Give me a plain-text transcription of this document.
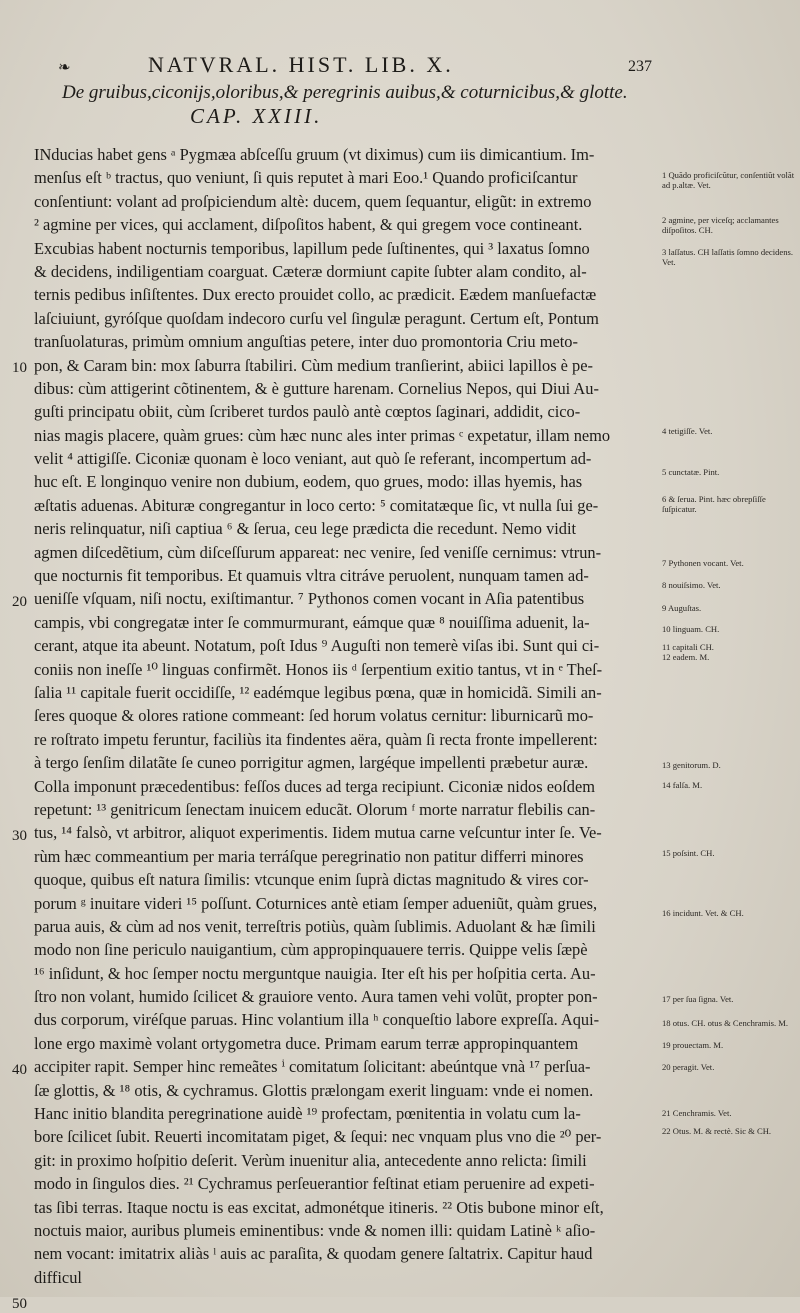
❧	NATVRAL. HIST. LIB. X.	237
De gruibus,ciconijs,oloribus,& peregrinis auibus,& coturnicibus,& glotte.
CAP. XXIII.
INducias habet gens ᵃ Pygmæa abſceſſu gruum (vt diximus) cum iis dimicantium. Im-
menſus eſt ᵇ tractus, quo veniunt, ſi quis reputet à mari Eoo.¹ Quando proficiſcantur
conſentiunt: volant ad proſpiciendum altè: ducem, quem ſequantur, eligũt: in extremo
² agmine per vices, qui acclament, diſpoſitos habent, & qui gregem voce contineant.
Excubias habent nocturnis temporibus, lapillum pede ſuſtinentes, qui ³ laxatus ſomno
& decidens, indiligentiam coarguat. Cæteræ dormiunt capite ſubter alam condito, al-
ternis pedibus inſiſtentes. Dux erecto prouidet collo, ac prædicit. Eædem manſuefactæ
laſciuiunt, gyróſque quoſdam indecoro curſu vel ſingulæ peragunt. Certum eſt, Pontum
tranſuolaturas, primùm omnium anguſtias petere, inter duo promontoria Criu meto-
pon, & Caram bin: mox ſaburra ſtabiliri. Cùm medium tranſierint, abiici lapillos è pe-
dibus: cùm attigerint cõtinentem, & è gutture harenam. Cornelius Nepos, qui Diui Au-
guſti principatu obiit, cùm ſcriberet turdos paulò antè cœptos ſaginari, addidit, cico-
nias magis placere, quàm grues: cùm hæc nunc ales inter primas ᶜ expetatur, illam nemo
velit ⁴ attigiſſe. Ciconiæ quonam è loco veniant, aut quò ſe referant, incompertum ad-
huc eſt. E longinquo venire non dubium, eodem, quo grues, modo: illas hyemis, has
æſtatis aduenas. Abituræ congregantur in loco certo: ⁵ comitatæque ſic, vt nulla ſui ge-
neris relinquatur, niſi captiua ⁶ & ſerua, ceu lege prædicta die recedunt. Nemo vidit
agmen diſcedẽtium, cùm diſceſſurum appareat: nec venire, ſed veniſſe cernimus: vtrun-
que nocturnis fit temporibus. Et quamuis vltra citráve peruolent, nunquam tamen ad-
ueniſſe vſquam, niſi noctu, exiſtimantur. ⁷ Pythonos comen vocant in Aſia patentibus
campis, vbi congregatæ inter ſe commurmurant, eámque quæ ⁸ nouiſſima aduenit, la-
cerant, atque ita abeunt. Notatum, poſt Idus ⁹ Auguſti non temerè viſas ibi. Sunt qui ci-
coniis non ineſſe ¹⁰ linguas confirmẽt. Honos iis ᵈ ſerpentium exitio tantus, vt in ᵉ Theſ-
ſalia ¹¹ capitale fuerit occidiſſe, ¹² eadémque legibus pœna, quæ in homicidã. Simili an-
ſeres quoque & olores ratione commeant: ſed horum volatus cernitur: liburnicarũ mo-
re roſtrato impetu feruntur, faciliùs ita findentes aëra, quàm ſi recta fronte impellerent:
à tergo ſenſim dilatãte ſe cuneo porrigitur agmen, largéque impellenti præbetur auræ.
Colla imponunt præcedentibus: feſſos duces ad terga recipiunt. Ciconiæ nidos eoſdem
repetunt: ¹³ genitricum ſenectam inuicem educãt. Olorum ᶠ morte narratur flebilis can-
tus, ¹⁴ falsò, vt arbitror, aliquot experimentis. Iidem mutua carne veſcuntur inter ſe. Ve-
rùm hæc commeantium per maria terráſque peregrinatio non patitur differri minores
quoque, quibus eſt natura ſimilis: vtcunque enim ſuprà dictas magnitudo & vires cor-
porum ᵍ inuitare videri ¹⁵ poſſunt. Coturnices antè etiam ſemper adueniũt, quàm grues,
parua auis, & cùm ad nos venit, terreſtris potiùs, quàm ſublimis. Aduolant & hæ ſimili
modo non ſine periculo nauigantium, cùm appropinquauere terris. Quippe velis ſæpè
¹⁶ inſidunt, & hoc ſemper noctu merguntque nauigia. Iter eſt his per hoſpitia certa. Au-
ſtro non volant, humido ſcilicet & grauiore vento. Aura tamen vehi volũt, propter pon-
dus corporum, viréſque paruas. Hinc volantium illa ʰ conqueſtio labore expreſſa. Aqui-
lone ergo maximè volant ortygometra duce. Primam earum terræ appropinquantem
accipiter rapit. Semper hinc remeãtes ⁱ comitatum ſolicitant: abeúntque vnà ¹⁷ perſua-
ſæ glottis, & ¹⁸ otis, & cychramus. Glottis prælongam exerit linguam: vnde ei nomen.
Hanc initio blandita peregrinatione auidè ¹⁹ profectam, pœnitentia in volatu cum la-
bore ſcilicet ſubit. Reuerti incomitatam piget, & ſequi: nec vnquam plus vno die ²⁰ per-
git: in proximo hoſpitio deſerit. Verùm inuenitur alia, antecedente anno relicta: ſimili
modo in ſingulos dies. ²¹ Cychramus perſeuerantior feſtinat etiam peruenire ad expeti-
tas ſibi terras. Itaque noctu is eas excitat, admonétque itineris. ²² Otis bubone minor eſt,
noctuis maior, auribus plumeis eminentibus: vnde & nomen illi: quidam Latinè ᵏ aſio-
nem vocant: imitatrix aliàs ˡ auis ac paraſita, & quodam genere ſaltatrix. Capitur haud
difficul
10
20
30
40
50
1 Quãdo proficiſcũtur, conſentiũt volãt ad p.altæ. Vet.
2 agmine, per viceſq; acclamantes diſpoſitos. CH.
3 laſſatus. CH laſſatis ſomno decidens. Vet.
4 tetigiſſe. Vet.
5 cunctatæ. Pint.
6 & ſerua. Pint. hæc obrepſiſſe ſuſpicatur.
7 Pythonen vocant. Vet.
8 nouiſsimo. Vet.
9 Auguſtas.
10 linguam. CH.
11 capitali CH.
12 eadem. M.
13 genitorum. D.
14 falſa. M.
15 poſsint. CH.
16 incidunt. Vet. & CH.
17 per ſua ſigna. Vet.
18 otus. CH. otus & Cenchramis. M.
19 prouectam. M.
20 peragit. Vet.
21 Cenchramis. Vet.
22 Otus. M. & rectè. Sic & CH.
